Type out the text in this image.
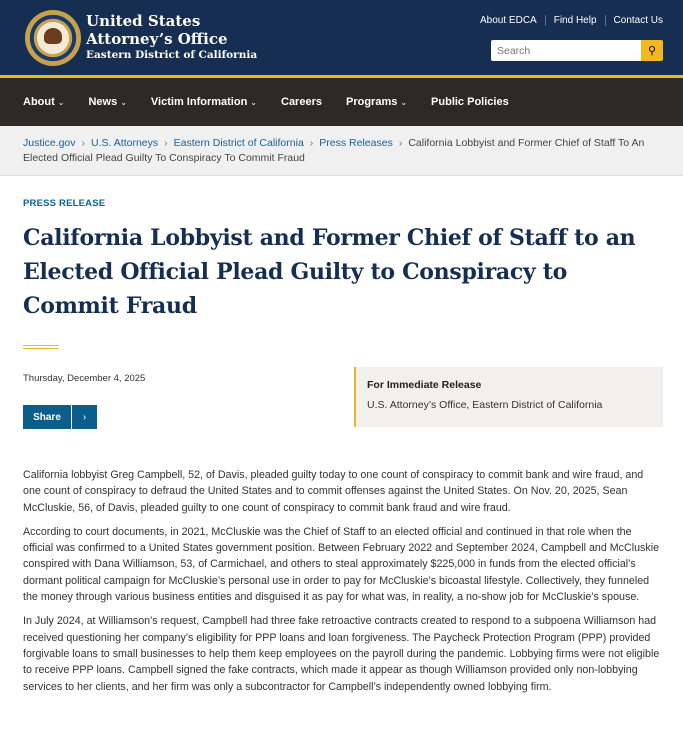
United States
Attorney’s Office
Eastern District of California
About EDCA	Find Help	Contact Us
Search
⚲
About ⌄ News ⌄ Victim Information ⌄ Careers Programs ⌄ Public Policies
Justice.gov › U.S. Attorneys › Eastern District of California › Press Releases › California Lobbyist and Former Chief of Staff To An Elected Official Plead Guilty To Conspiracy To Commit Fraud
PRESS RELEASE
California Lobbyist and Former Chief of Staff to an Elected Official Plead Guilty to Conspiracy to Commit Fraud
Thursday, December 4, 2025
Share	›
For Immediate Release
U.S. Attorney’s Office, Eastern District of California

California lobbyist Greg Campbell, 52, of Davis, pleaded guilty today to one count of conspiracy to commit bank and wire fraud, and one count of conspiracy to defraud the United States and to commit offenses against the United States. On Nov. 20, 2025, Sean McCluskie, 56, of Davis, pleaded guilty to one count of conspiracy to commit bank fraud and wire fraud.

According to court documents, in 2021, McCluskie was the Chief of Staff to an elected official and continued in that role when the official was confirmed to a United States government position. Between February 2022 and September 2024, Campbell and McCluskie conspired with Dana Williamson, 53, of Carmichael, and others to steal approximately $225,000 in funds from the elected official’s dormant political campaign for McCluskie’s personal use in order to pay for McCluskie’s bicoastal lifestyle. Collectively, they funneled the money through various business entities and disguised it as pay for what was, in reality, a no-show job for McCluskie’s spouse.

In July 2024, at Williamson’s request, Campbell had three fake retroactive contracts created to respond to a subpoena Williamson had received questioning her company’s eligibility for PPP loans and loan forgiveness. The Paycheck Protection Program (PPP) provided forgivable loans to small businesses to help them keep employees on the payroll during the pandemic. Lobbying firms were not eligible to receive PPP loans. Campbell signed the fake contracts, which made it appear as though Williamson provided only non-lobbying services to her clients, and her firm was only a subcontractor for Campbell’s independently owned lobbying firm.
